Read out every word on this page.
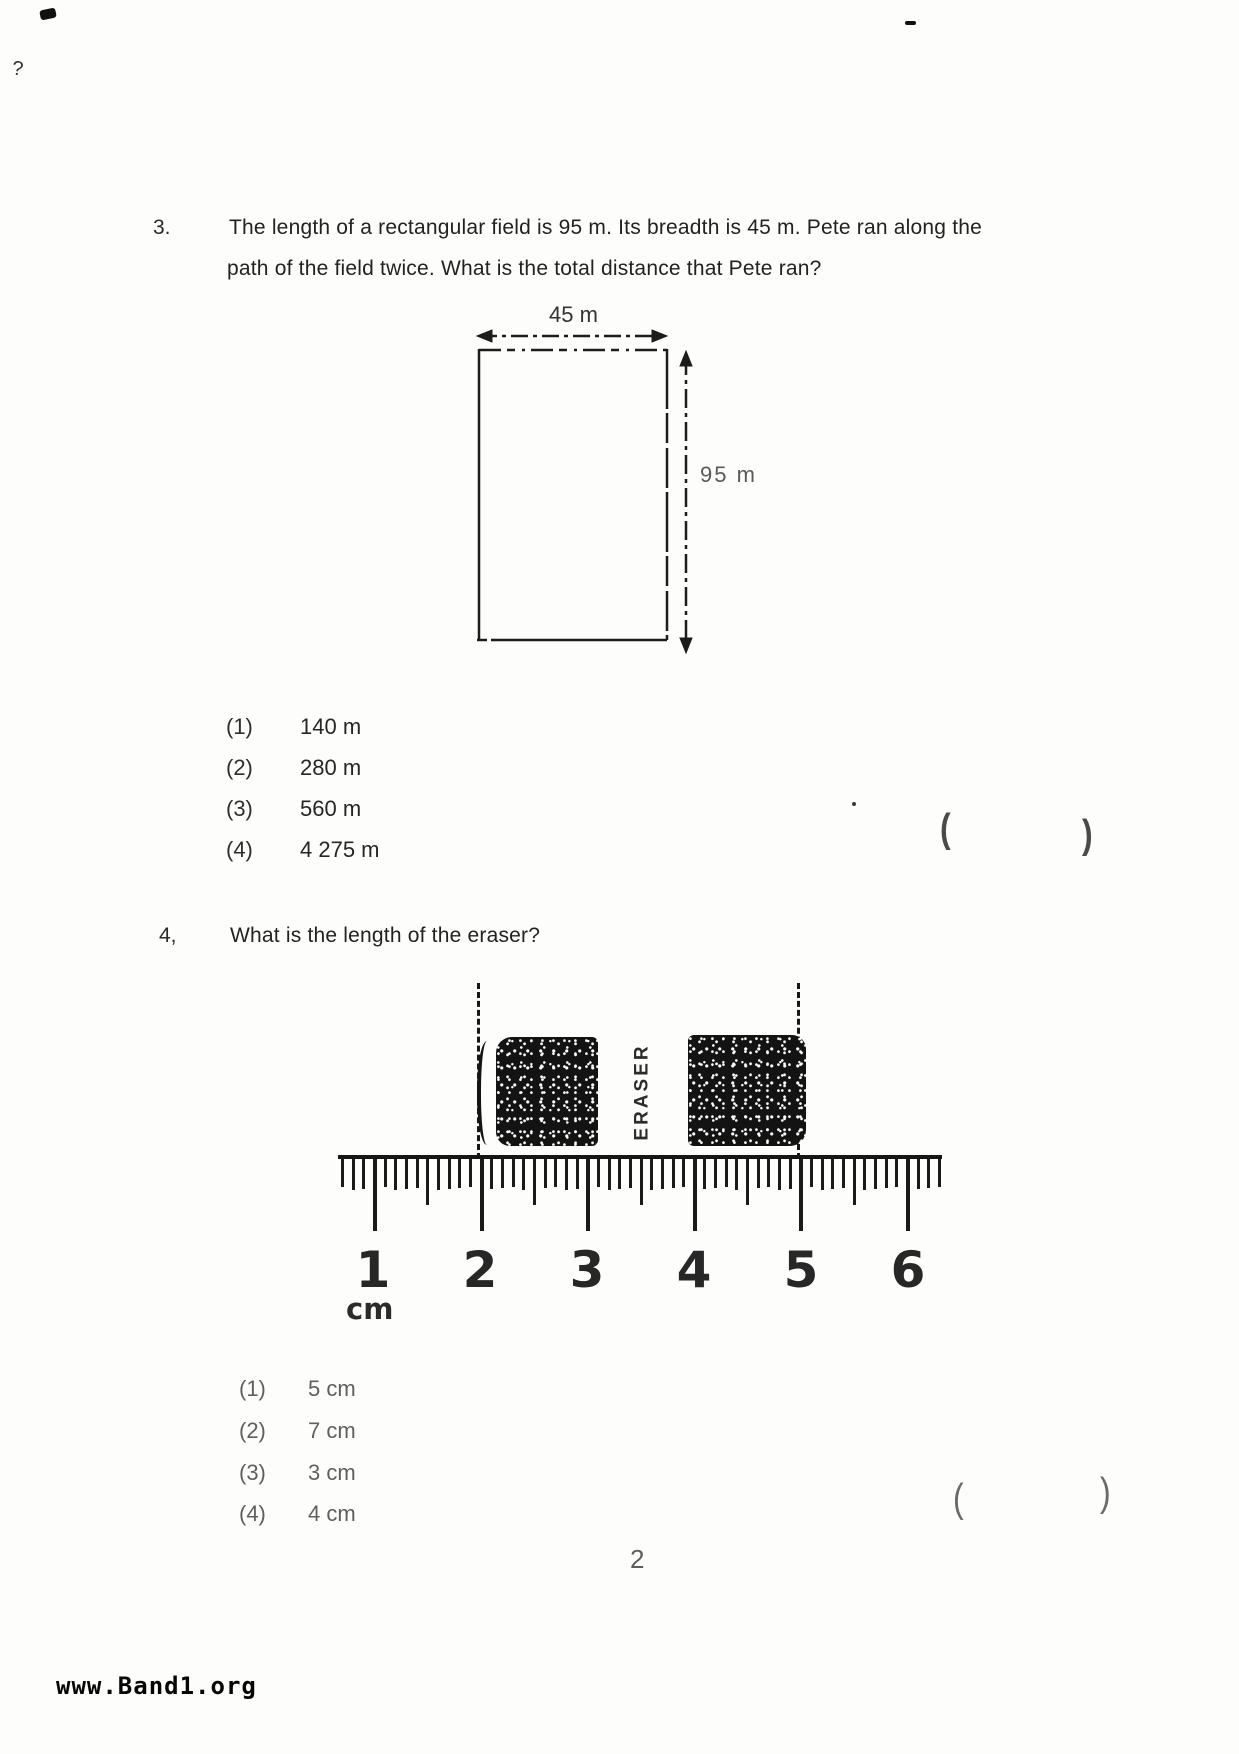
?
3.	The length of a rectangular field is 95 m. Its breadth is 45 m. Pete ran along the
path of the field twice. What is the total distance that Pete ran?
45 m
95 m
(1) 140 m
(2) 280 m
(3) 560 m
(4) 4 275 m	(	)
4,	What is the length of the eraser?
ERASER
1 2 3 4 5 6
cm
(1) 5 cm
(2) 7 cm
(3) 3 cm
(4) 4 cm	(	)
2
www.Band1.org
